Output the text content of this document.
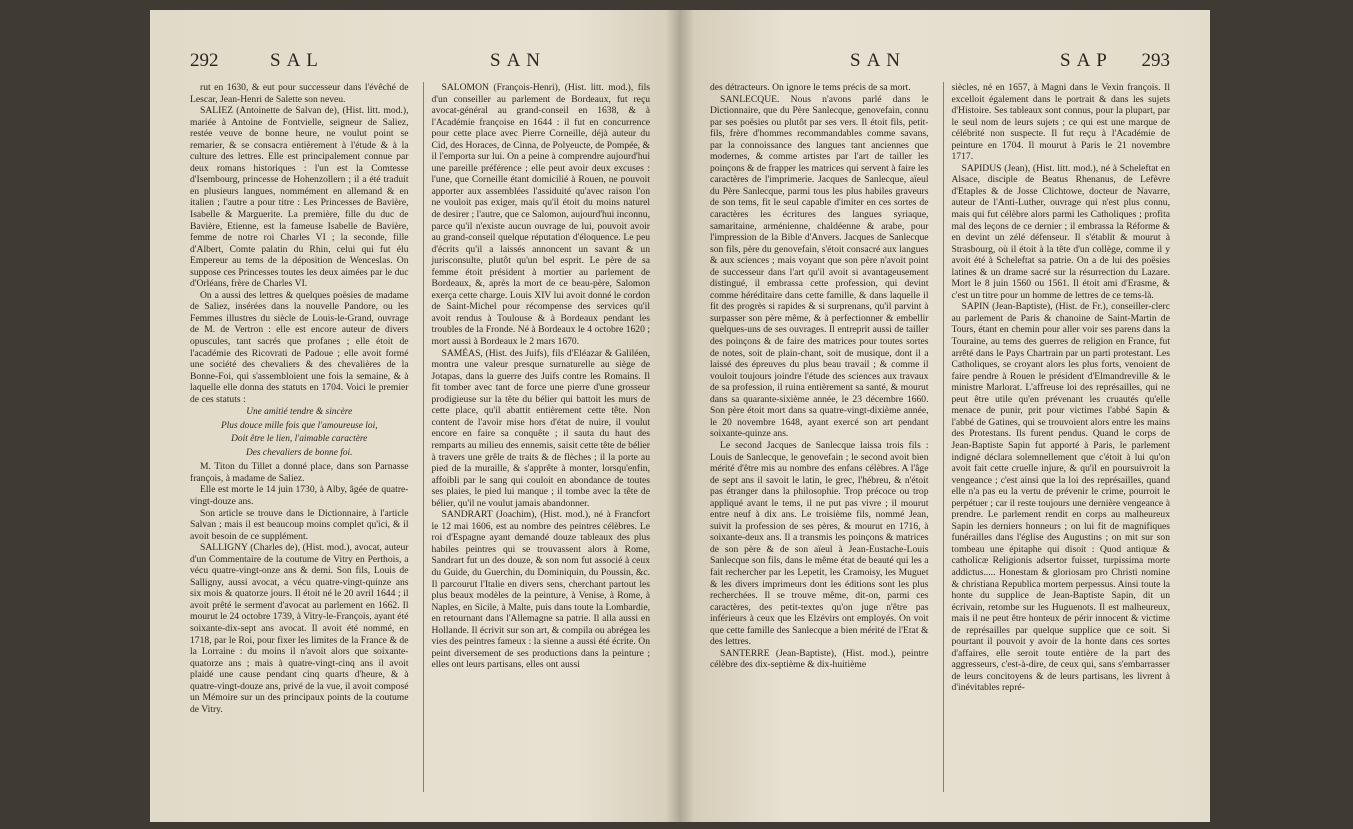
292	SAL	SAN

rut en 1630, & eut pour successeur dans l'évêché de Lescar, Jean-Henri de Salette son neveu.

SALIEZ (Antoinette de Salvan de), (Hist. litt. mod.), mariée à Antoine de Fontvielle, seigneur de Saliez, restée veuve de bonne heure, ne voulut point se remarier, & se consacra entièrement à l'étude & à la culture des lettres. Elle est principalement connue par deux romans historiques : l'un est la Comtesse d'Isembourg, princesse de Hohenzollern ; il a été traduit en plusieurs langues, nommément en allemand & en italien ; l'autre a pour titre : Les Princesses de Bavière, Isabelle & Marguerite. La première, fille du duc de Bavière, Etienne, est la fameuse Isabelle de Bavière, femme de notre roi Charles VI ; la seconde, fille d'Albert, Comte palatin du Rhin, celui qui fut élu Empereur au tems de la déposition de Wenceslas. On suppose ces Princesses toutes les deux aimées par le duc d'Orléans, frère de Charles VI.

On a aussi des lettres & quelques poësies de madame de Saliez, insérées dans la nouvelle Pandore, ou les Femmes illustres du siècle de Louis-le-Grand, ouvrage de M. de Vertron : elle est encore auteur de divers opuscules, tant sacrés que profanes ; elle étoit de l'académie des Ricovrati de Padoue ; elle avoit formé une société des chevaliers & des chevalières de la Bonne-Foi, qui s'assembloient une fois la semaine, & à laquelle elle donna des statuts en 1704. Voici le premier de ces statuts :

Une amitié tendre & sincère

Plus douce mille fois que l'amoureuse loi,

Doit être le lien, l'aimable caractère

Des chevaliers de bonne foi.

M. Titon du Tillet a donné place, dans son Parnasse françois, à madame de Saliez.

Elle est morte le 14 juin 1730, à Alby, âgée de quatre-vingt-douze ans.

Son article se trouve dans le Dictionnaire, à l'article Salvan ; mais il est beaucoup moins complet qu'ici, & il avoit besoin de ce supplément.

SALLIGNY (Charles de), (Hist. mod.), avocat, auteur d'un Commentaire de la coutume de Vitry en Perthois, a vécu quatre-vingt-onze ans & demi. Son fils, Louis de Salligny, aussi avocat, a vécu quatre-vingt-quinze ans six mois & quatorze jours. Il étoit né le 20 avril 1644 ; il avoit prêté le serment d'avocat au parlement en 1662. Il mourut le 24 octobre 1739, à Vitry-le-François, ayant été soixante-dix-sept ans avocat. Il avoit été nommé, en 1718, par le Roi, pour fixer les limites de la France & de la Lorraine : du moins il n'avoit alors que soixante-quatorze ans ; mais à quatre-vingt-cinq ans il avoit plaidé une cause pendant cinq quarts d'heure, & à quatre-vingt-douze ans, privé de la vue, il avoit composé un Mémoire sur un des principaux points de la coutume de Vitry.

SALOMON (François-Henri), (Hist. litt. mod.), fils d'un conseiller au parlement de Bordeaux, fut reçu avocat-général au grand-conseil en 1638, & à l'Académie françoise en 1644 : il fut en concurrence pour cette place avec Pierre Corneille, déjà auteur du Cid, des Horaces, de Cinna, de Polyeucte, de Pompée, & il l'emporta sur lui. On a peine à comprendre aujourd'hui une pareille préférence ; elle peut avoir deux excuses : l'une, que Corneille étant domicilié à Rouen, ne pouvoit apporter aux assemblées l'assiduité qu'avec raison l'on ne vouloit pas exiger, mais qu'il étoit du moins naturel de desirer ; l'autre, que ce Salomon, aujourd'hui inconnu, parce qu'il n'existe aucun ouvrage de lui, pouvoit avoir au grand-conseil quelque réputation d'éloquence. Le peu d'écrits qu'il a laissés annoncent un savant & un jurisconsulte, plutôt qu'un bel esprit. Le père de sa femme étoit président à mortier au parlement de Bordeaux, &, après la mort de ce beau-père, Salomon exerça cette charge. Louis XIV lui avoit donné le cordon de Saint-Michel pour récompense des services qu'il avoit rendus à Toulouse & à Bordeaux pendant les troubles de la Fronde. Né à Bordeaux le 4 octobre 1620 ; mort aussi à Bordeaux le 2 mars 1670.

SAMÉAS, (Hist. des Juifs), fils d'Eléazar & Galiléen, montra une valeur presque surnaturelle au siège de Jotapas, dans la guerre des Juifs contre les Romains. Il fit tomber avec tant de force une pierre d'une grosseur prodigieuse sur la tête du bélier qui battoit les murs de cette place, qu'il abattit entièrement cette tête. Non content de l'avoir mise hors d'état de nuire, il voulut encore en faire sa conquête ; il sauta du haut des remparts au milieu des ennemis, saisit cette tête de bélier à travers une grêle de traits & de flèches ; il la porte au pied de la muraille, & s'apprête à monter, lorsqu'enfin, affoibli par le sang qui couloit en abondance de toutes ses plaies, le pied lui manque ; il tombe avec la tête de bélier, qu'il ne voulut jamais abandonner.

SANDRART (Joachim), (Hist. mod.), né à Francfort le 12 mai 1606, est au nombre des peintres célèbres. Le roi d'Espagne ayant demandé douze tableaux des plus habiles peintres qui se trouvassent alors à Rome, Sandrart fut un des douze, & son nom fut associé à ceux du Guide, du Guerchin, du Dominiquin, du Poussin, &c. Il parcourut l'Italie en divers sens, cherchant partout les plus beaux modèles de la peinture, à Venise, à Rome, à Naples, en Sicile, à Malte, puis dans toute la Lombardie, en retournant dans l'Allemagne sa patrie. Il alla aussi en Hollande. Il écrivit sur son art, & compila ou abrégea les vies des peintres fameux : la sienne a aussi été écrite. On peint diversement de ses productions dans la peinture ; elles ont leurs partisans, elles ont aussi

SAN	SAP 293

des détracteurs. On ignore le tems précis de sa mort.

SANLECQUE. Nous n'avons parlé dans le Dictionnaire, que du Père Sanlecque, genovefain, connu par ses poësies ou plutôt par ses vers. Il étoit fils, petit-fils, frère d'hommes recommandables comme savans, par la connoissance des langues tant anciennes que modernes, & comme artistes par l'art de tailler les poinçons & de frapper les matrices qui servent à faire les caractères de l'imprimerie. Jacques de Sanlecque, aïeul du Père Sanlecque, parmi tous les plus habiles graveurs de son tems, fit le seul capable d'imiter en ces sortes de caractères les écritures des langues syriaque, samaritaine, arménienne, chaldéenne & arabe, pour l'impression de la Bible d'Anvers. Jacques de Sanlecque son fils, père du genovefain, s'étoit consacré aux langues & aux sciences ; mais voyant que son père n'avoit point de successeur dans l'art qu'il avoit si avantageusement distingué, il embrassa cette profession, qui devint comme héréditaire dans cette famille, & dans laquelle il fit des progrès si rapides & si surprenans, qu'il parvint à surpasser son père même, & à perfectionner & embellir quelques-uns de ses ouvrages. Il entreprit aussi de tailler des poinçons & de faire des matrices pour toutes sortes de notes, soit de plain-chant, soit de musique, dont il a laissé des épreuves du plus beau travail ; & comme il vouloit toujours joindre l'étude des sciences aux travaux de sa profession, il ruina entièrement sa santé, & mourut dans sa quarante-sixième année, le 23 décembre 1660. Son père étoit mort dans sa quatre-vingt-dixième année, le 20 novembre 1648, ayant exercé son art pendant soixante-quinze ans.

Le second Jacques de Sanlecque laissa trois fils : Louis de Sanlecque, le genovefain ; le second avoit bien mérité d'être mis au nombre des enfans célèbres. A l'âge de sept ans il savoit le latin, le grec, l'hébreu, & n'étoit pas étranger dans la philosophie. Trop précoce ou trop appliqué avant le tems, il ne put pas vivre ; il mourut entre neuf à dix ans. Le troisième fils, nommé Jean, suivit la profession de ses pères, & mourut en 1716, à soixante-deux ans. Il a transmis les poinçons & matrices de son père & de son aïeul à Jean-Eustache-Louis Sanlecque son fils, dans le même état de beauté qui les a fait rechercher par les Lepetit, les Cramoisy, les Muguet & les divers imprimeurs dont les éditions sont les plus recherchées. Il se trouve même, dit-on, parmi ces caractères, des petit-textes qu'on juge n'être pas inférieurs à ceux que les Elzévirs ont employés. On voit que cette famille des Sanlecque a bien mérité de l'Etat & des lettres.

SANTERRE (Jean-Baptiste), (Hist. mod.), peintre célèbre des dix-septième & dix-huitième

siècles, né en 1657, à Magni dans le Vexin françois. Il excelloit également dans le portrait & dans les sujets d'Histoire. Ses tableaux sont connus, pour la plupart, par le seul nom de leurs sujets ; ce qui est une marque de célébrité non suspecte. Il fut reçu à l'Académie de peinture en 1704. Il mourut à Paris le 21 novembre 1717.

SAPIDUS (Jean), (Hist. litt. mod.), né à Scheleftat en Alsace, disciple de Beatus Rhenanus, de Lefèvre d'Etaples & de Josse Clichtowe, docteur de Navarre, auteur de l'Anti-Luther, ouvrage qui n'est plus connu, mais qui fut célèbre alors parmi les Catholiques ; profita mal des leçons de ce dernier ; il embrassa la Réforme & en devint un zélé défenseur. Il s'établit & mourut à Strasbourg, où il étoit à la tête d'un collège, comme il y avoit été à Scheleftat sa patrie. On a de lui des poësies latines & un drame sacré sur la résurrection du Lazare. Mort le 8 juin 1560 ou 1561. Il étoit ami d'Erasme, & c'est un titre pour un homme de lettres de ce tems-là.

SAPIN (Jean-Baptiste), (Hist. de Fr.), conseiller-clerc au parlement de Paris & chanoine de Saint-Martin de Tours, étant en chemin pour aller voir ses parens dans la Touraine, au tems des guerres de religion en France, fut arrêté dans le Pays Chartrain par un parti protestant. Les Catholiques, se croyant alors les plus forts, venoient de faire pendre à Rouen le président d'Elmandreville & le ministre Marlorat. L'affreuse loi des représailles, qui ne peut être utile qu'en prévenant les cruautés qu'elle menace de punir, prit pour victimes l'abbé Sapin & l'abbé de Gatines, qui se trouvoient alors entre les mains des Protestans. Ils furent pendus. Quand le corps de Jean-Baptiste Sapin fut apporté à Paris, le parlement indigné déclara solemnellement que c'étoit à lui qu'on avoit fait cette cruelle injure, & qu'il en poursuivroit la vengeance ; c'est ainsi que la loi des représailles, quand elle n'a pas eu la vertu de prévenir le crime, pourroit le perpétuer ; car il reste toujours une dernière vengeance à prendre. Le parlement rendit en corps au malheureux Sapin les derniers honneurs ; on lui fit de magnifiques funérailles dans l'église des Augustins ; on mit sur son tombeau une épitaphe qui disoit : Quod antiquæ & catholicæ Religionis adsertor fuisset, turpissima morte addictus..... Honestam & gloriosam pro Christi nomine & christiana Republica mortem perpessus. Ainsi toute la honte du supplice de Jean-Baptiste Sapin, dit un écrivain, retombe sur les Huguenots. Il est malheureux, mais il ne peut être honteux de périr innocent & victime de représailles par quelque supplice que ce soit. Si pourtant il pouvoit y avoir de la honte dans ces sortes d'affaires, elle seroit toute entière de la part des aggresseurs, c'est-à-dire, de ceux qui, sans s'embarrasser de leurs concitoyens & de leurs partisans, les livrent à d'inévitables repré-
